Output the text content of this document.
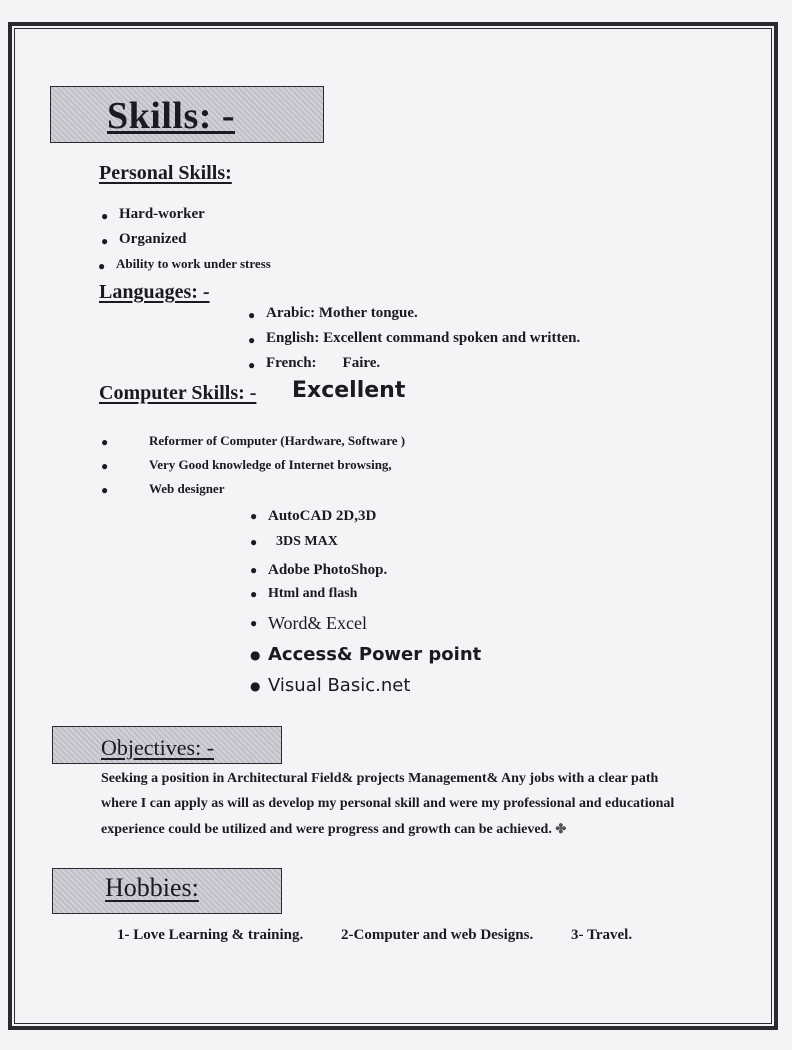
Skills: -
Personal Skills:
● Hard-worker
● Organized
● Ability to work under stress
Languages: -
● Arabic: Mother tongue.
● English: Excellent command spoken and written.
● French: Faire.
Computer Skills: - Excellent
●	Reformer of Computer (Hardware, Software )
●	Very Good knowledge of Internet browsing,
●	Web designer
● AutoCAD 2D,3D
● 3DS MAX
● Adobe PhotoShop.
● Html and flash
● Word& Excel
● Access& Power point
● Visual Basic.net
Objectives: -

Seeking a position in Architectural Field& projects Management& Any jobs with a clear path where I can apply as will as develop my personal skill and were my professional and educational experience could be utilized and were progress and growth can be achieved. ✤

Hobbies:
1- Love Learning & training.	2-Computer and web Designs.	3- Travel.
